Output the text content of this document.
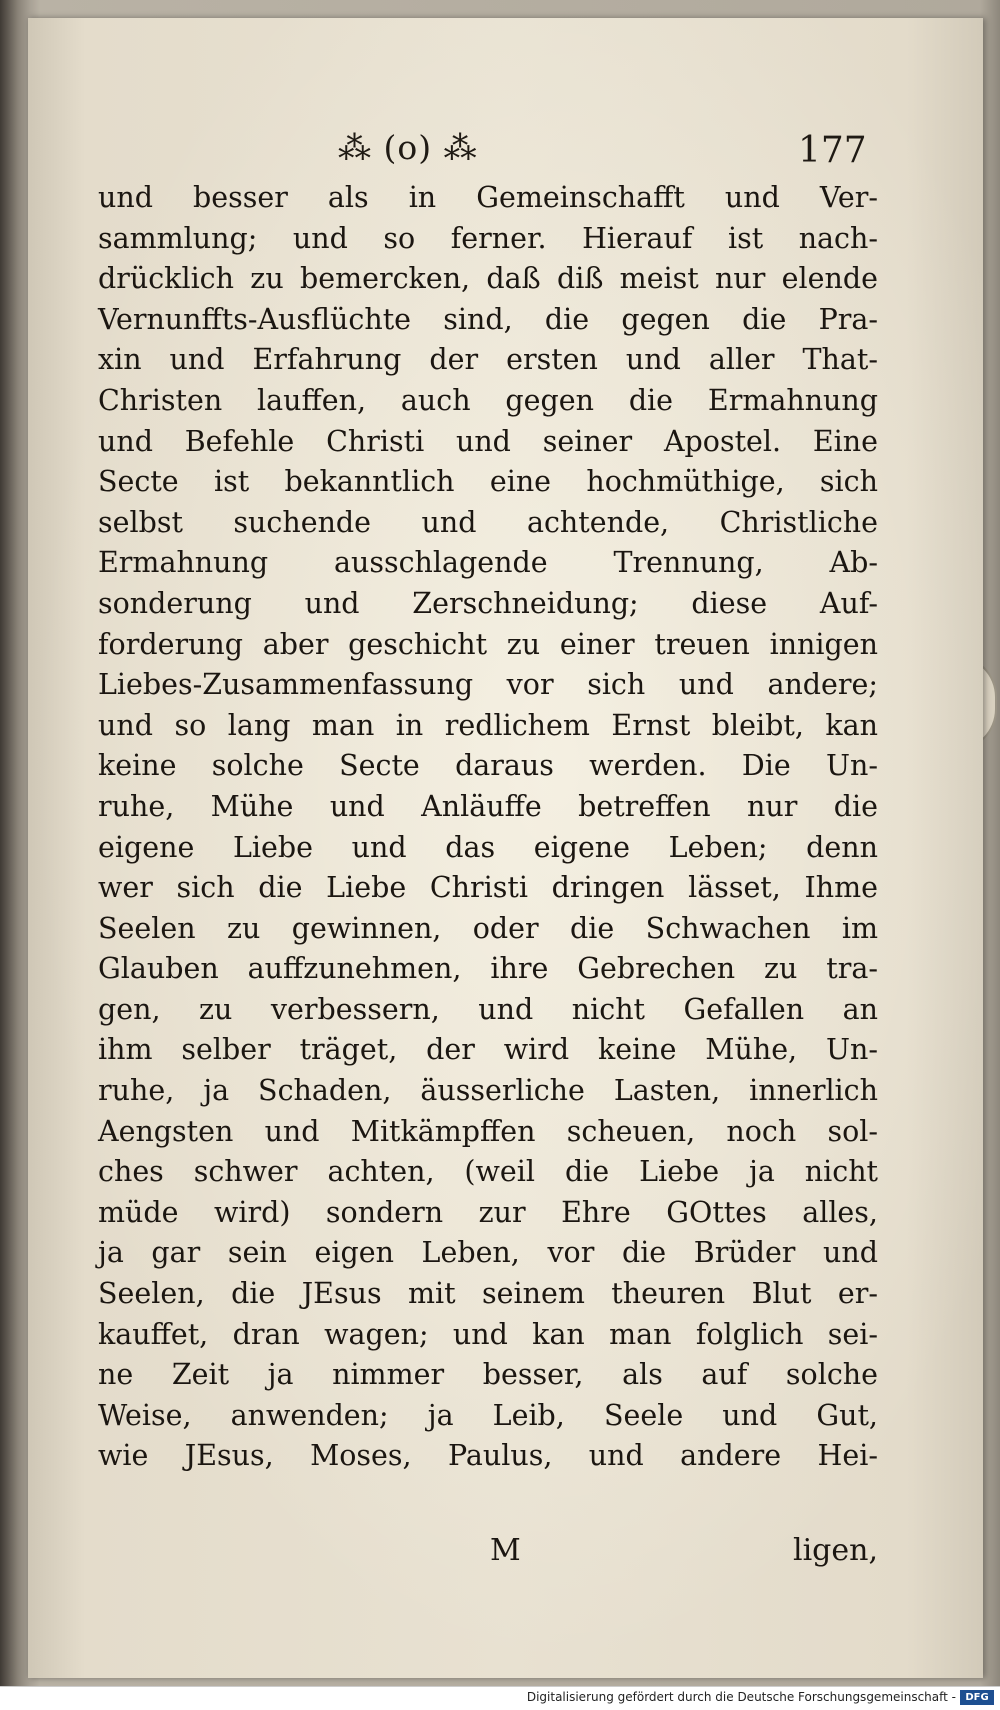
⁂ (o) ⁂	177
und besser als in Gemeinschafft und Ver-
sammlung; und so ferner. Hierauf ist nach-
drücklich zu bemercken, daß diß meist nur elende
Vernunffts-Ausflüchte sind, die gegen die Pra-
xin und Erfahrung der ersten und aller That-
Christen lauffen, auch gegen die Ermahnung
und Befehle Christi und seiner Apostel. Eine
Secte ist bekanntlich eine hochmüthige, sich
selbst suchende und achtende, Christliche
Ermahnung ausschlagende Trennung, Ab-
sonderung und Zerschneidung; diese Auf-
forderung aber geschicht zu einer treuen innigen
Liebes-Zusammenfassung vor sich und andere;
und so lang man in redlichem Ernst bleibt, kan
keine solche Secte daraus werden. Die Un-
ruhe, Mühe und Anläuffe betreffen nur die
eigene Liebe und das eigene Leben; denn
wer sich die Liebe Christi dringen lässet, Ihme
Seelen zu gewinnen, oder die Schwachen im
Glauben auffzunehmen, ihre Gebrechen zu tra-
gen, zu verbessern, und nicht Gefallen an
ihm selber träget, der wird keine Mühe, Un-
ruhe, ja Schaden, äusserliche Lasten, innerlich
Aengsten und Mitkämpffen scheuen, noch sol-
ches schwer achten, (weil die Liebe ja nicht
müde wird) sondern zur Ehre GOttes alles,
ja gar sein eigen Leben, vor die Brüder und
Seelen, die JEsus mit seinem theuren Blut er-
kauffet, dran wagen; und kan man folglich sei-
ne Zeit ja nimmer besser, als auf solche
Weise, anwenden; ja Leib, Seele und Gut,
wie JEsus, Moses, Paulus, und andere Hei-
M	ligen,
Digitalisierung gefördert durch die Deutsche Forschungsgemeinschaft - DFG
